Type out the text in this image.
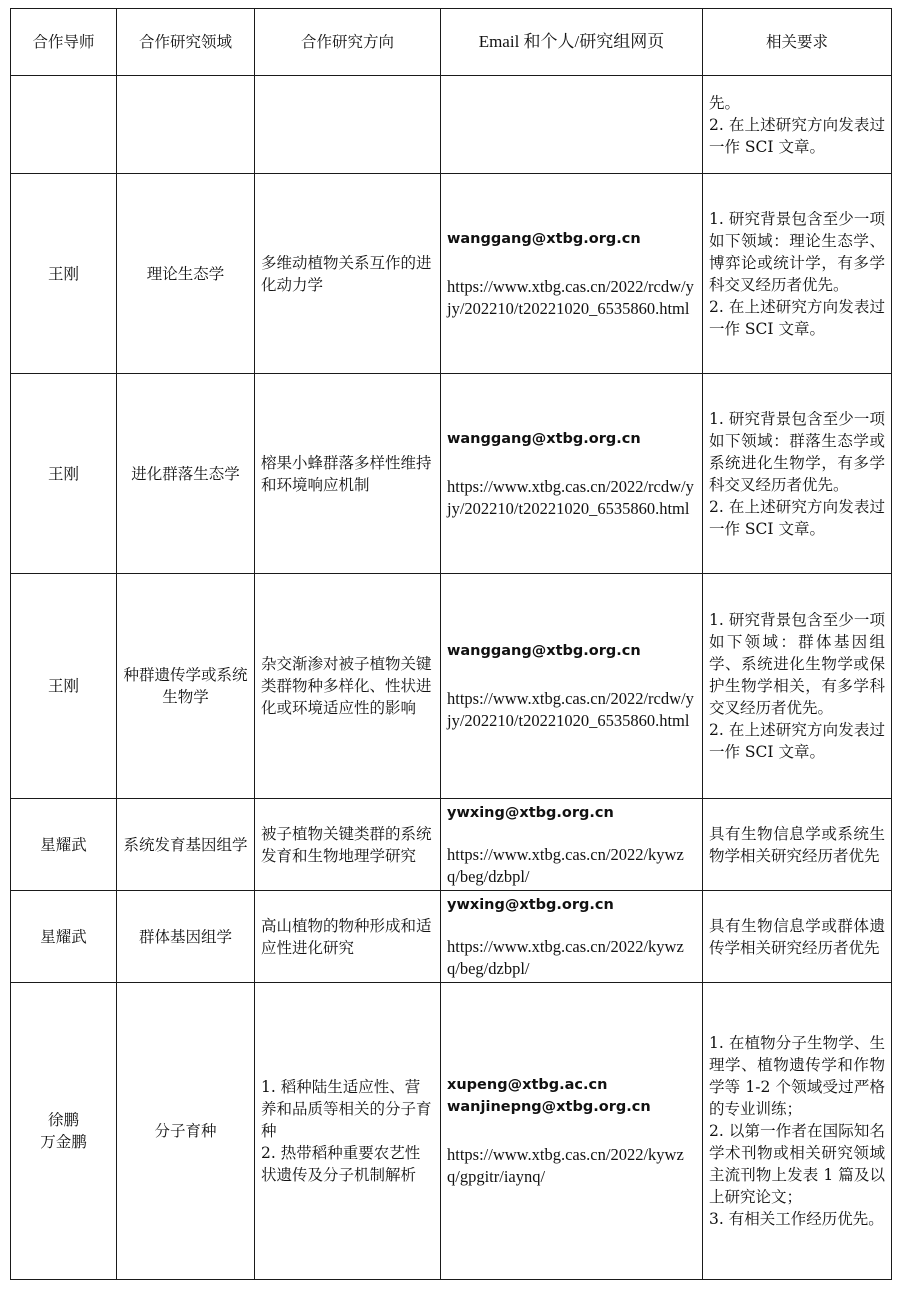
合作导师	合作研究领域	合作研究方向	Email 和个人/研究组网页	相关要求

				先。
2. 在上述研究方向发表过一作 SCI 文章。

王刚	理论生态学	多维动植物关系互作的进化动力学	wanggang@xtbg.org.cn
https://www.xtbg.cas.cn/2022/rcdw/yjy/202210/t20221020_6535860.html	1. 研究背景包含至少一项如下领域：理论生态学、博弈论或统计学，有多学科交叉经历者优先。
2. 在上述研究方向发表过一作 SCI 文章。

王刚	进化群落生态学	榕果小蜂群落多样性维持和环境响应机制	wanggang@xtbg.org.cn
https://www.xtbg.cas.cn/2022/rcdw/yjy/202210/t20221020_6535860.html	1. 研究背景包含至少一项如下领域：群落生态学或系统进化生物学，有多学科交叉经历者优先。
2. 在上述研究方向发表过一作 SCI 文章。

王刚	种群遗传学或系统生物学	杂交渐渗对被子植物关键类群物种多样化、性状进化或环境适应性的影响	wanggang@xtbg.org.cn
https://www.xtbg.cas.cn/2022/rcdw/yjy/202210/t20221020_6535860.html	1. 研究背景包含至少一项如下领域：群体基因组学、系统进化生物学或保护生物学相关，有多学科交叉经历者优先。
2. 在上述研究方向发表过一作 SCI 文章。

星耀武	系统发育基因组学	被子植物关键类群的系统发育和生物地理学研究	ywxing@xtbg.org.cn
https://www.xtbg.cas.cn/2022/kywzq/beg/dzbpl/	具有生物信息学或系统生物学相关研究经历者优先

星耀武	群体基因组学	高山植物的物种形成和适应性进化研究	ywxing@xtbg.org.cn
https://www.xtbg.cas.cn/2022/kywzq/beg/dzbpl/	具有生物信息学或群体遗传学相关研究经历者优先

徐鹏
万金鹏	分子育种	1. 稻种陆生适应性、营养和品质等相关的分子育种
2. 热带稻种重要农艺性状遗传及分子机制解析	xupeng@xtbg.ac.cn
wanjinepng@xtbg.org.cn
https://www.xtbg.cas.cn/2022/kywzq/gpgitr/iaynq/	1. 在植物分子生物学、生理学、植物遗传学和作物学等 1-2 个领域受过严格的专业训练；
2. 以第一作者在国际知名学术刊物或相关研究领域主流刊物上发表 1 篇及以上研究论文；
3. 有相关工作经历优先。
